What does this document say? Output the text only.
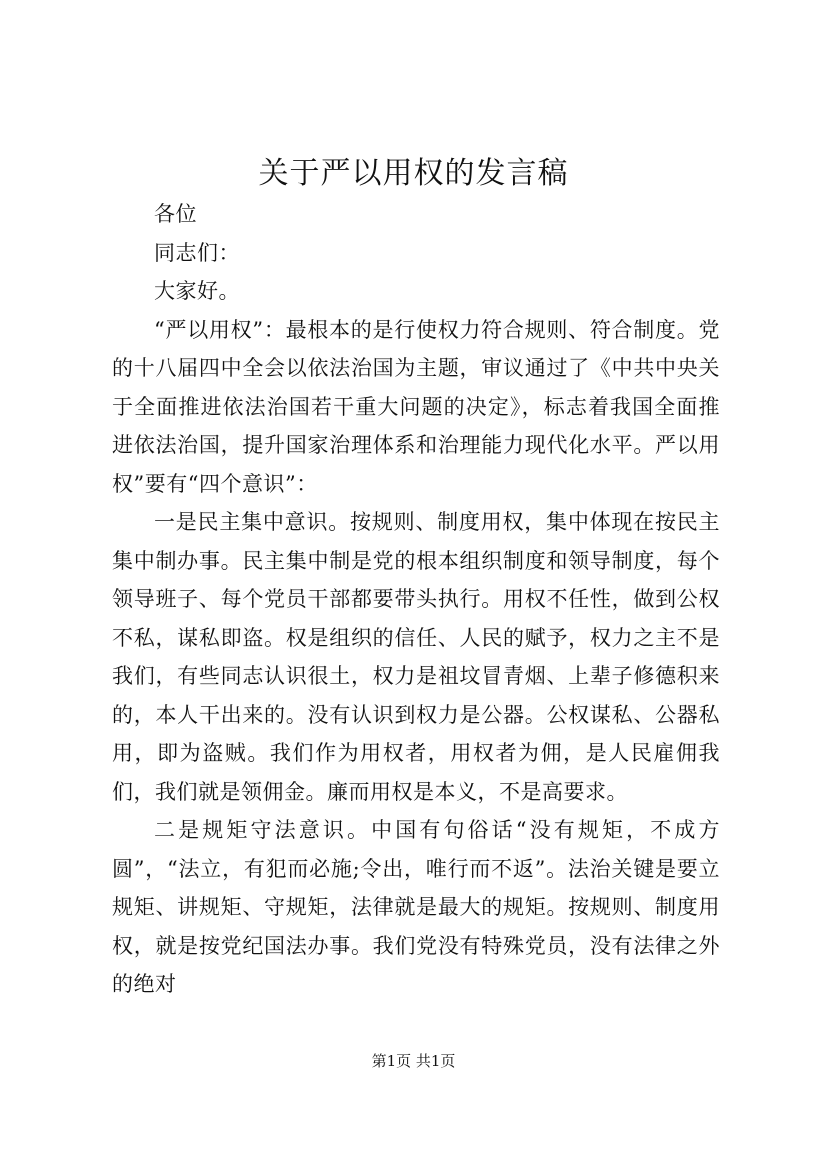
关于严以用权的发言稿

各位

同志们：

大家好。

“严以用权”：最根本的是行使权力符合规则、符合制度。党的十八届四中全会以依法治国为主题，审议通过了《中共中央关于全面推进依法治国若干重大问题的决定》，标志着我国全面推进依法治国，提升国家治理体系和治理能力现代化水平。严以用权”要有“四个意识”：

一是民主集中意识。按规则、制度用权，集中体现在按民主集中制办事。民主集中制是党的根本组织制度和领导制度，每个领导班子、每个党员干部都要带头执行。用权不任性，做到公权不私，谋私即盗。权是组织的信任、人民的赋予，权力之主不是我们，有些同志认识很土，权力是祖坟冒青烟、上辈子修德积来的，本人干出来的。没有认识到权力是公器。公权谋私、公器私用，即为盗贼。我们作为用权者，用权者为佣，是人民雇佣我们，我们就是领佣金。廉而用权是本义，不是高要求。

二是规矩守法意识。中国有句俗话“没有规矩，不成方圆”，“法立，有犯而必施;令出，唯行而不返”。法治关键是要立规矩、讲规矩、守规矩，法律就是最大的规矩。按规则、制度用权，就是按党纪国法办事。我们党没有特殊党员，没有法律之外的绝对

第1页 共1页
